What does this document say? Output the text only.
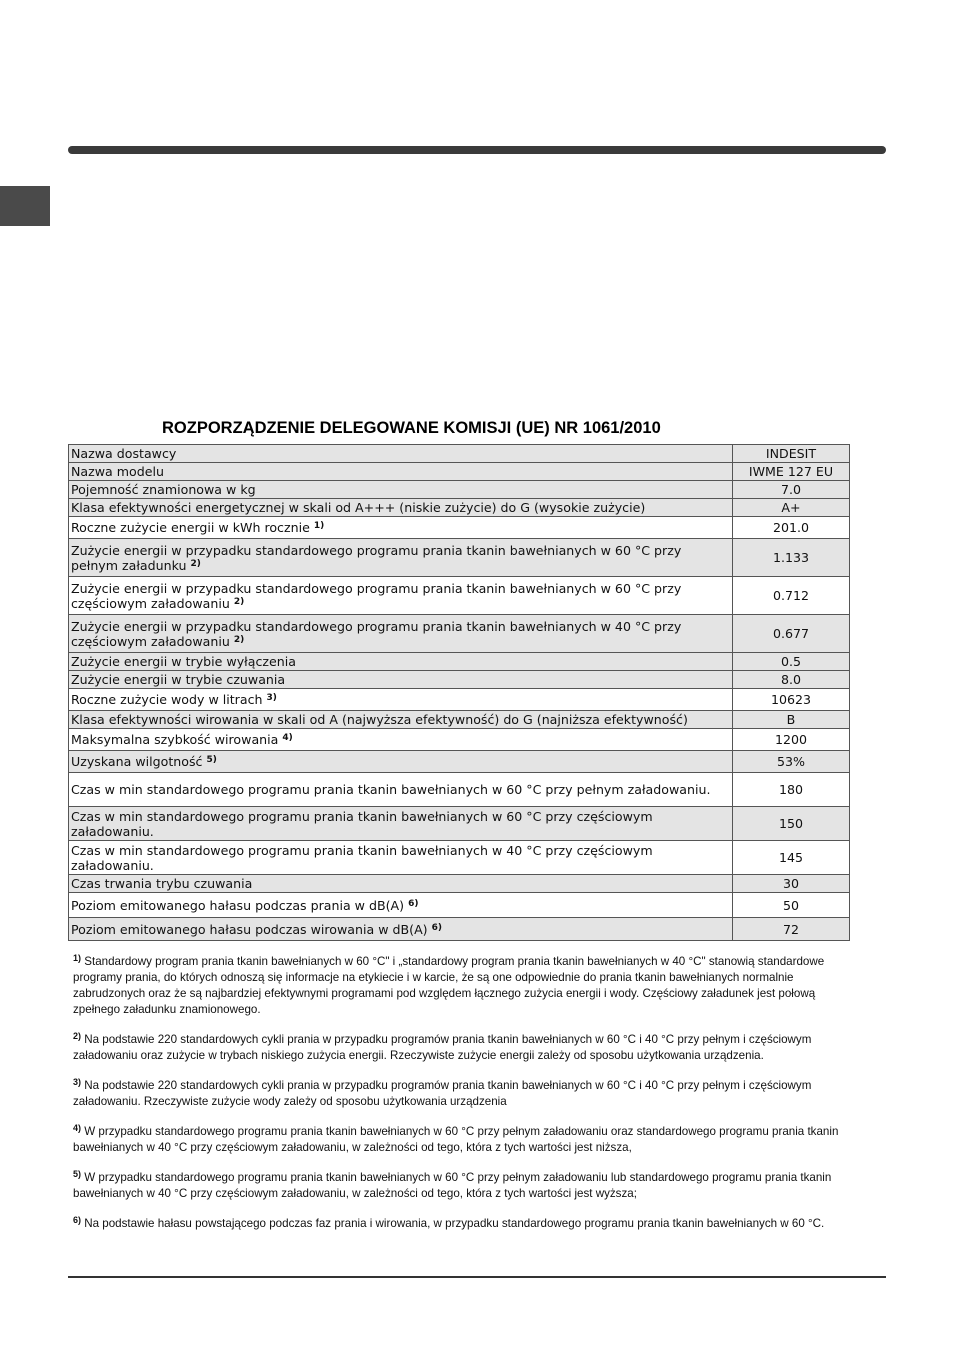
ROZPORZĄDZENIE DELEGOWANE KOMISJI (UE) NR 1061/2010
Nazwa dostawcy	INDESIT
Nazwa modelu	IWME 127 EU
Pojemność znamionowa w kg	7.0
Klasa efektywności energetycznej w skali od A+++ (niskie zużycie) do G (wysokie zużycie)	A+
Roczne zużycie energii w kWh rocznie $^{1)}$	201.0
Zużycie energii w przypadku standardowego programu prania tkanin bawełnianych w 60 °C przy pełnym załadunku $^{2)}$	1.133
Zużycie energii w przypadku standardowego programu prania tkanin bawełnianych w 60 °C przy częściowym załadowaniu $^{2)}$	0.712
Zużycie energii w przypadku standardowego programu prania tkanin bawełnianych w 40 °C przy częściowym załadowaniu $^{2)}$	0.677
Zużycie energii w trybie wyłączenia	0.5
Zużycie energii w trybie czuwania	8.0
Roczne zużycie wody w litrach $^{3)}$	10623
Klasa efektywności wirowania w skali od A (najwyższa efektywność) do G (najniższa efektywność)	B
Maksymalna szybkość wirowania $^{4)}$	1200
Uzyskana wilgotność $^{5)}$	53%
Czas w min standardowego programu prania tkanin bawełnianych w 60 °C przy pełnym załadowaniu.	180
Czas w min standardowego programu prania tkanin bawełnianych w 60 °C przy częściowym załadowaniu.	150
Czas w min standardowego programu prania tkanin bawełnianych w 40 °C przy częściowym załadowaniu.	145
Czas trwania trybu czuwania	30
Poziom emitowanego hałasu podczas prania w dB(A) $^{6)}$	50
Poziom emitowanego hałasu podczas wirowania w dB(A) $^{6)}$	72
$^{1)}$ Standardowy program prania tkanin bawełnianych w 60 °C" i „standardowy program prania tkanin bawełnianych w 40 °C" stanowią standardowe programy prania, do których odnoszą się informacje na etykiecie i w karcie, że są one odpowiednie do prania tkanin bawełnianych normalnie zabrudzonych oraz że są najbardziej efektywnymi programami pod względem łącznego zużycia energii i wody. Częściowy załadunek jest połową zpełnego załadunku znamionowego.
$^{2)}$ Na podstawie 220 standardowych cykli prania w przypadku programów prania tkanin bawełnianych w 60 °C i 40 °C przy pełnym i częściowym załadowaniu oraz zużycie w trybach niskiego zużycia energii. Rzeczywiste zużycie energii zależy od sposobu użytkowania urządzenia.
$^{3)}$ Na podstawie 220 standardowych cykli prania w przypadku programów prania tkanin bawełnianych w 60 °C i 40 °C przy pełnym i częściowym załadowaniu. Rzeczywiste zużycie wody zależy od sposobu użytkowania urządzenia
$^{4)}$ W przypadku standardowego programu prania tkanin bawełnianych w 60 °C przy pełnym załadowaniu oraz standardowego programu prania tkanin bawełnianych w 40 °C przy częściowym załadowaniu, w zależności od tego, która z tych wartości jest niższa,
$^{5)}$ W przypadku standardowego programu prania tkanin bawełnianych w 60 °C przy pełnym załadowaniu lub standardowego programu prania tkanin bawełnianych w 40 °C przy częściowym załadowaniu, w zależności od tego, która z tych wartości jest wyższa;
$^{6)}$ Na podstawie hałasu powstającego podczas faz prania i wirowania, w przypadku standardowego programu prania tkanin bawełnianych w 60 °C.
